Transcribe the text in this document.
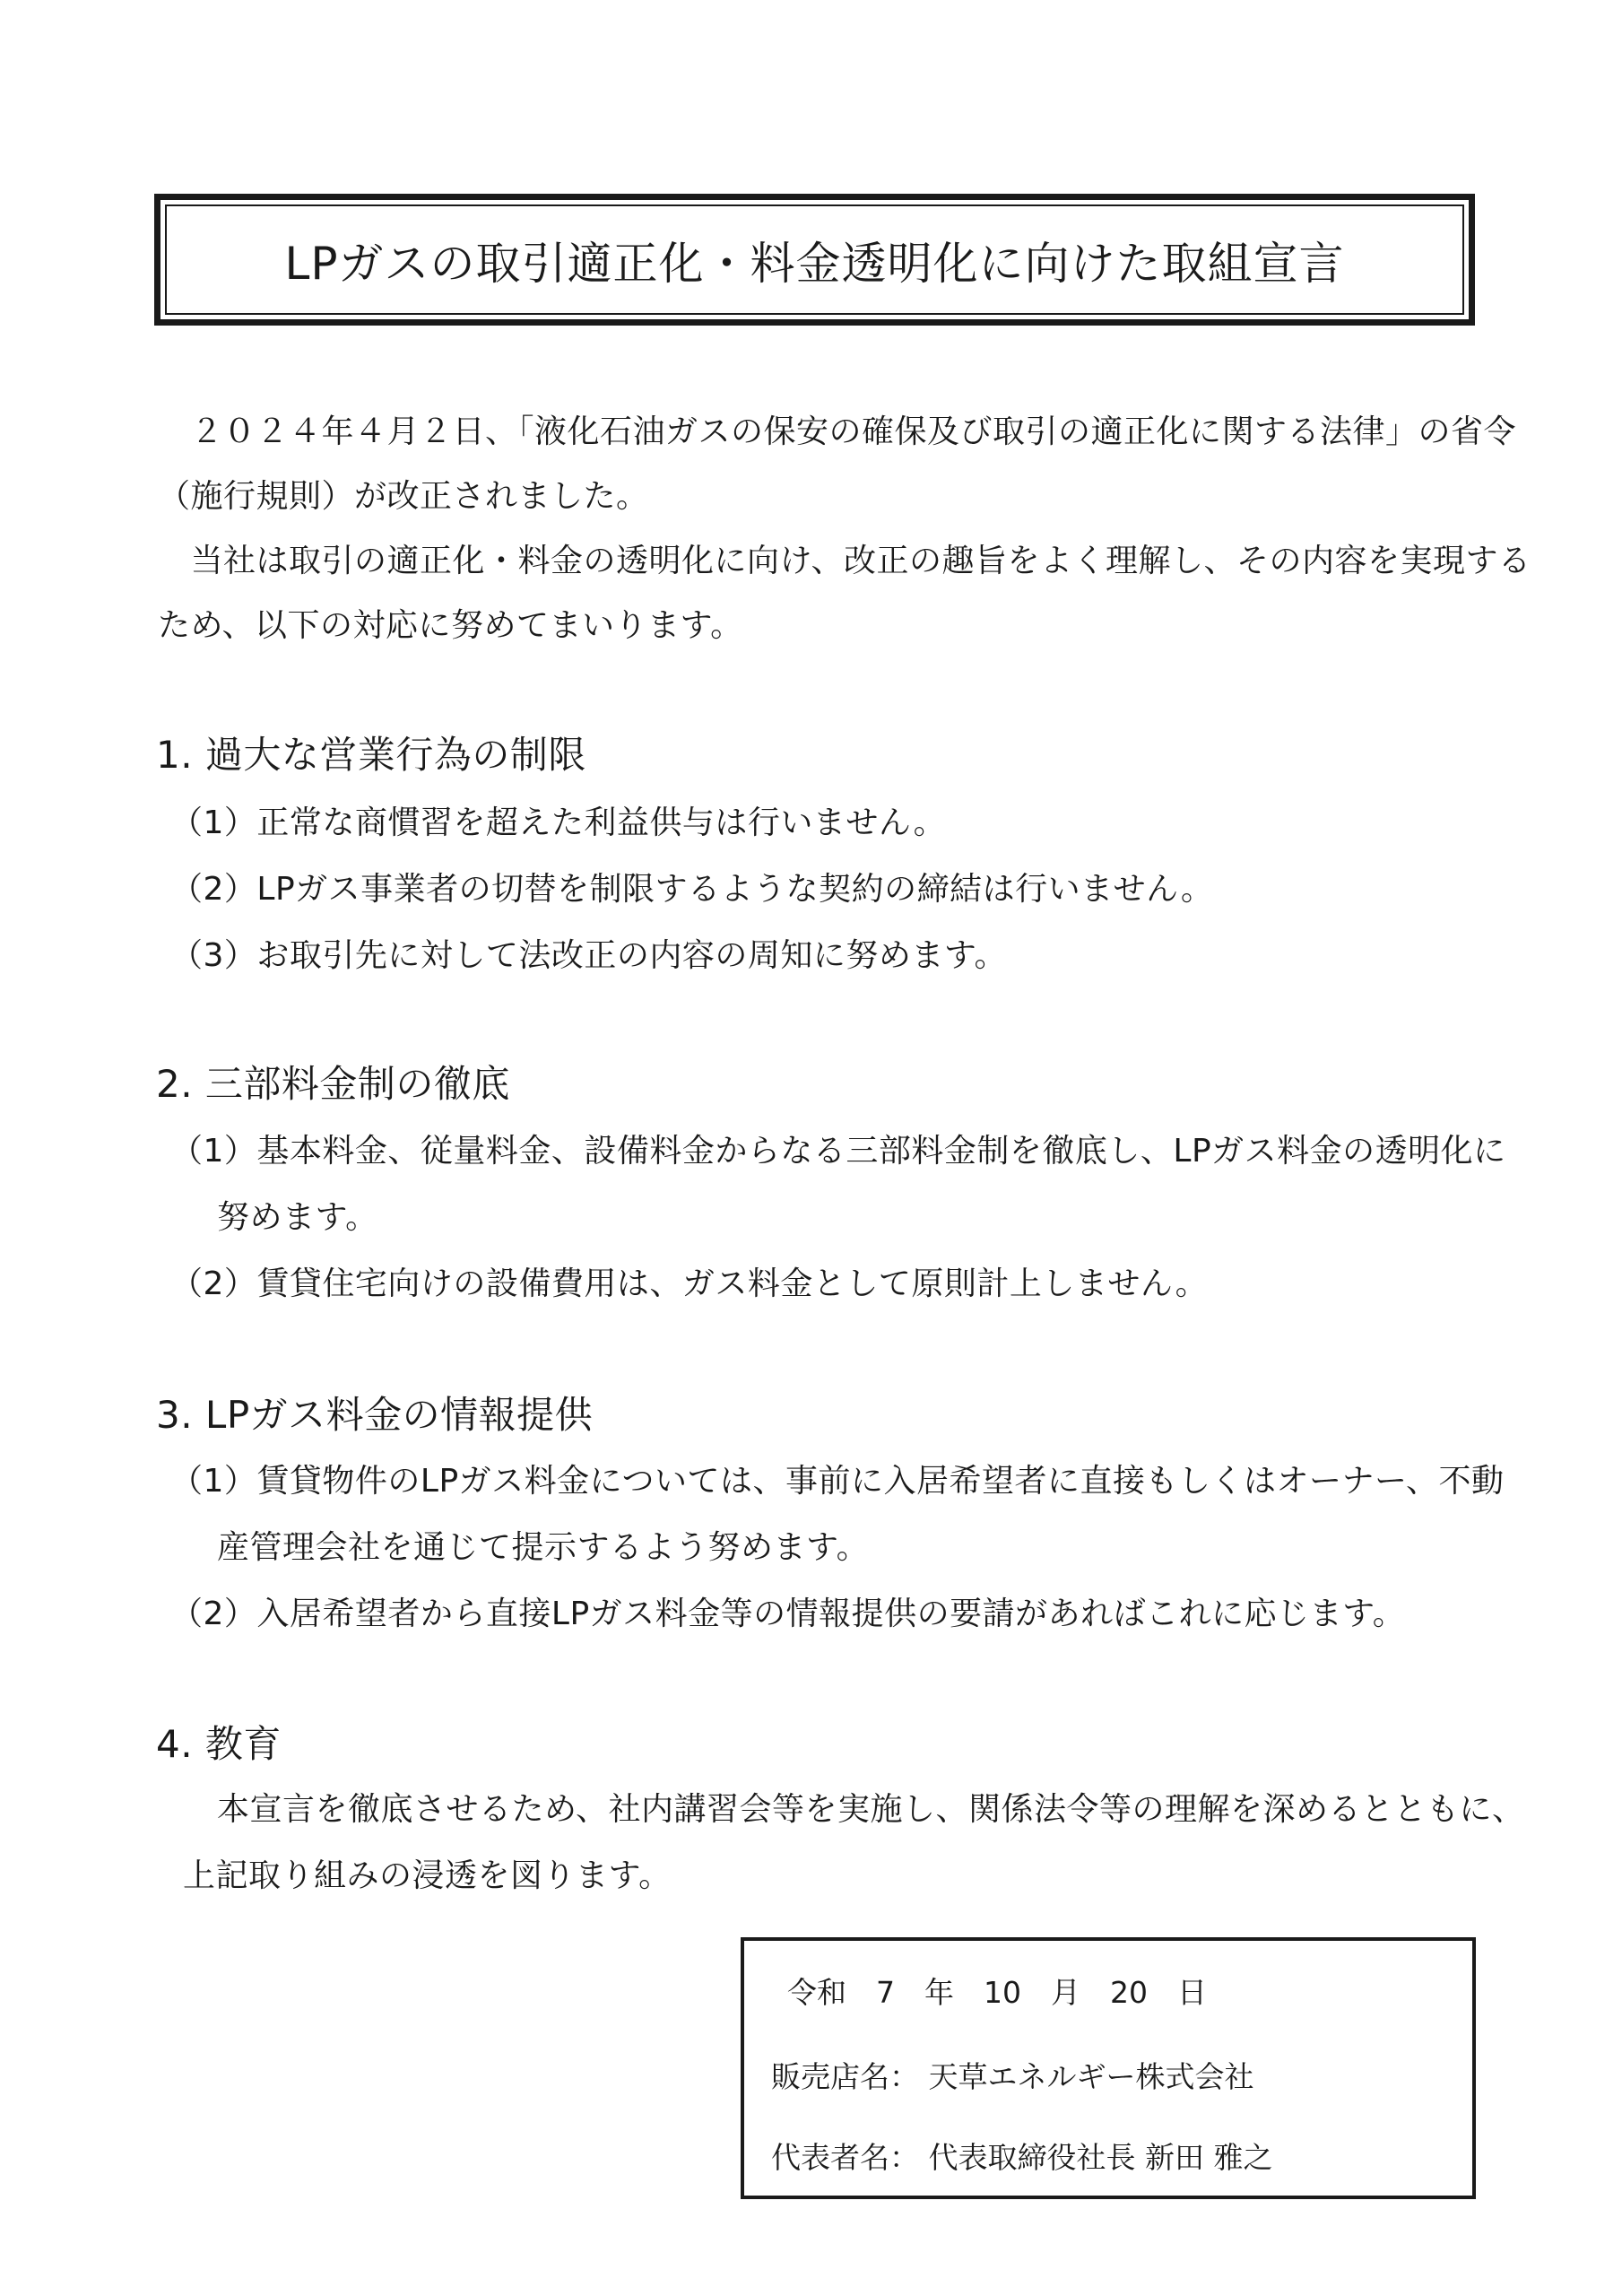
LPガスの取引適正化・料金透明化に向けた取組宣言
　２０２４年４月２日、「液化石油ガスの保安の確保及び取引の適正化に関する法律」の省令
（施行規則）が改正されました。
　当社は取引の適正化・料金の透明化に向け、改正の趣旨をよく理解し、その内容を実現する
ため、以下の対応に努めてまいります。
1. 過大な営業行為の制限
（1）正常な商慣習を超えた利益供与は行いません。
（2）LPガス事業者の切替を制限するような契約の締結は行いません。
（3）お取引先に対して法改正の内容の周知に努めます。
2. 三部料金制の徹底
（1）基本料金、従量料金、設備料金からなる三部料金制を徹底し、LPガス料金の透明化に
努めます。
（2）賃貸住宅向けの設備費用は、ガス料金として原則計上しません。
3. LPガス料金の情報提供
（1）賃貸物件のLPガス料金については、事前に入居希望者に直接もしくはオーナー、不動
産管理会社を通じて提示するよう努めます。
（2）入居希望者から直接LPガス料金等の情報提供の要請があればこれに応じます。
4. 教育
本宣言を徹底させるため、社内講習会等を実施し、関係法令等の理解を深めるとともに、
上記取り組みの浸透を図ります。
令和　7　年　10　月　20　日
販売店名： 天草エネルギー株式会社
代表者名： 代表取締役社長 新田 雅之
